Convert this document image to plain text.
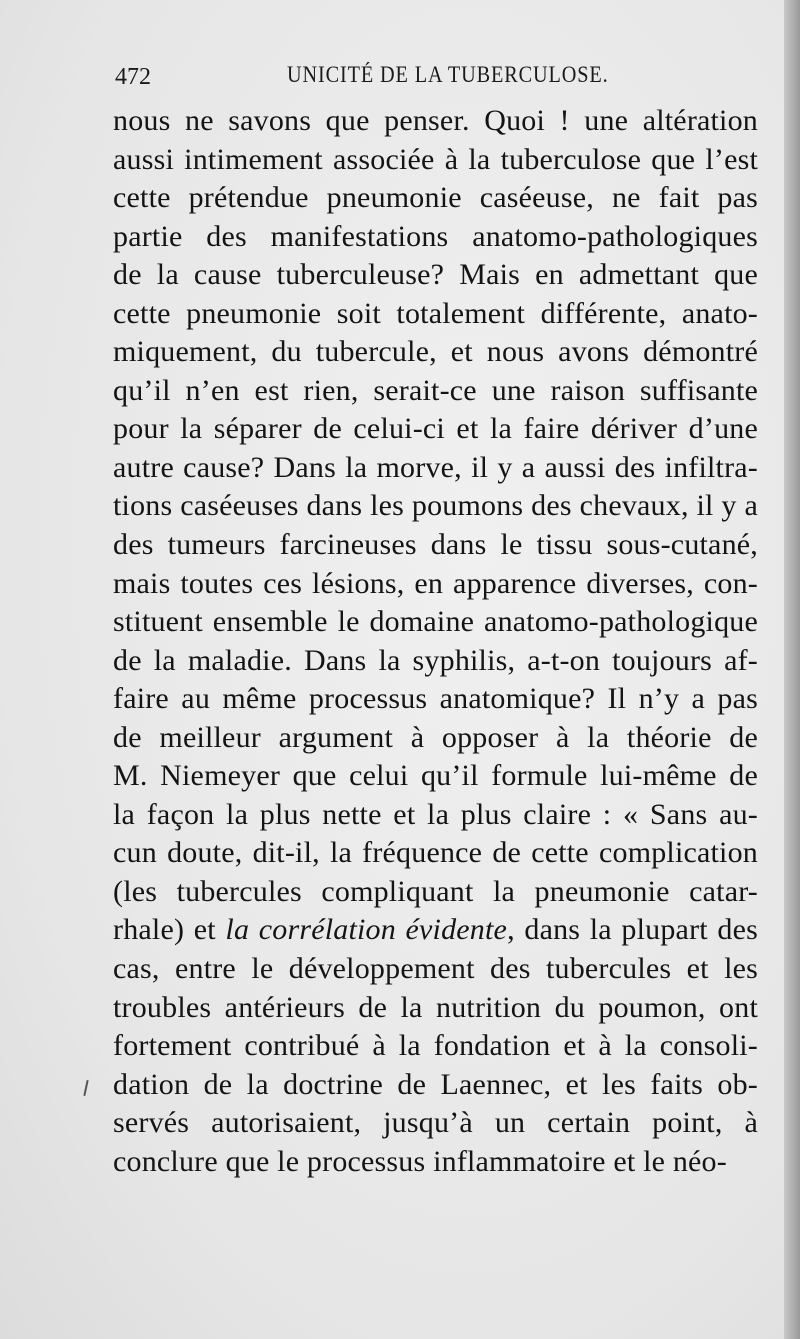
472	UNICITÉ DE LA TUBERCULOSE.
nous ne savons que penser. Quoi ! une altération
aussi intimement associée à la tuberculose que l’est
cette prétendue pneumonie caséeuse, ne fait pas
partie des manifestations anatomo-pathologiques
de la cause tuberculeuse? Mais en admettant que
cette pneumonie soit totalement différente, anato-
miquement, du tubercule, et nous avons démontré
qu’il n’en est rien, serait-ce une raison suffisante
pour la séparer de celui-ci et la faire dériver d’une
autre cause? Dans la morve, il y a aussi des infiltra-
tions caséeuses dans les poumons des chevaux, il y a
des tumeurs farcineuses dans le tissu sous-cutané,
mais toutes ces lésions, en apparence diverses, con-
stituent ensemble le domaine anatomo-pathologique
de la maladie. Dans la syphilis, a-t-on toujours af-
faire au même processus anatomique? Il n’y a pas
de meilleur argument à opposer à la théorie de
M. Niemeyer que celui qu’il formule lui-même de
la façon la plus nette et la plus claire : « Sans au-
cun doute, dit-il, la fréquence de cette complication
(les tubercules compliquant la pneumonie catar-
rhale) et la corrélation évidente, dans la plupart des
cas, entre le développement des tubercules et les
troubles antérieurs de la nutrition du poumon, ont
fortement contribué à la fondation et à la consoli-
dation de la doctrine de Laennec, et les faits ob-
servés autorisaient, jusqu’à un certain point, à
conclure que le processus inflammatoire et le néo-
